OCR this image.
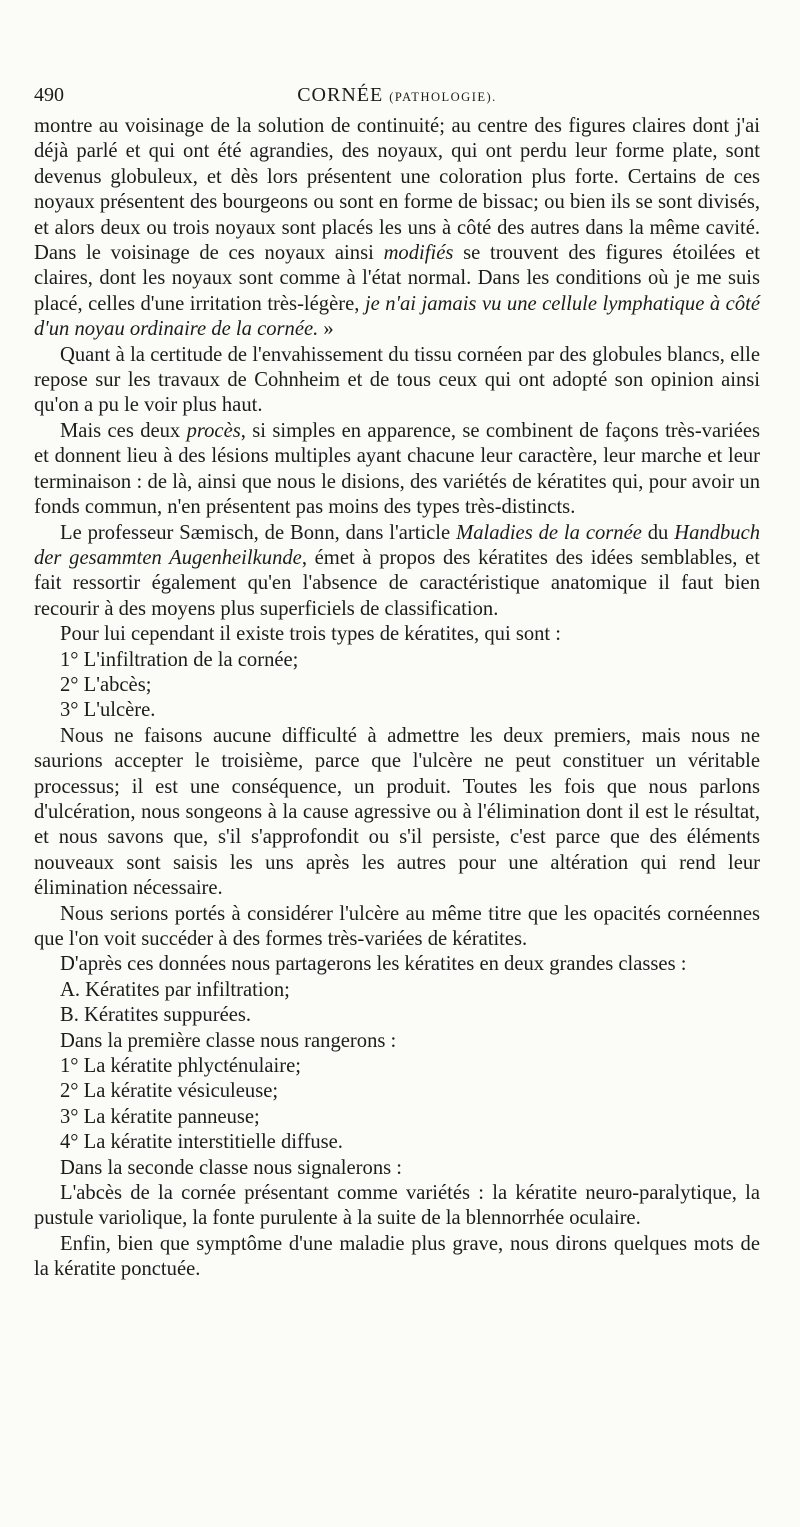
490	CORNÉE (PATHOLOGIE).

montre au voisinage de la solution de continuité; au centre des figures claires dont j'ai déjà parlé et qui ont été agrandies, des noyaux, qui ont perdu leur forme plate, sont devenus globuleux, et dès lors présentent une coloration plus forte. Certains de ces noyaux présentent des bourgeons ou sont en forme de bissac; ou bien ils se sont divisés, et alors deux ou trois noyaux sont placés les uns à côté des autres dans la même cavité. Dans le voisinage de ces noyaux ainsi modifiés se trouvent des figures étoilées et claires, dont les noyaux sont comme à l'état normal. Dans les conditions où je me suis placé, celles d'une irritation très-légère, je n'ai jamais vu une cellule lymphatique à côté d'un noyau ordinaire de la cornée. »

Quant à la certitude de l'envahissement du tissu cornéen par des globules blancs, elle repose sur les travaux de Cohnheim et de tous ceux qui ont adopté son opinion ainsi qu'on a pu le voir plus haut.

Mais ces deux procès, si simples en apparence, se combinent de façons très-variées et donnent lieu à des lésions multiples ayant chacune leur caractère, leur marche et leur terminaison : de là, ainsi que nous le disions, des variétés de kératites qui, pour avoir un fonds commun, n'en présentent pas moins des types très-distincts.

Le professeur Sæmisch, de Bonn, dans l'article Maladies de la cornée du Handbuch der gesammten Augenheilkunde, émet à propos des kératites des idées semblables, et fait ressortir également qu'en l'absence de caractéristique anatomique il faut bien recourir à des moyens plus superficiels de classification.

Pour lui cependant il existe trois types de kératites, qui sont :

1° L'infiltration de la cornée;

2° L'abcès;

3° L'ulcère.

Nous ne faisons aucune difficulté à admettre les deux premiers, mais nous ne saurions accepter le troisième, parce que l'ulcère ne peut constituer un véritable processus; il est une conséquence, un produit. Toutes les fois que nous parlons d'ulcération, nous songeons à la cause agressive ou à l'élimination dont il est le résultat, et nous savons que, s'il s'approfondit ou s'il persiste, c'est parce que des éléments nouveaux sont saisis les uns après les autres pour une altération qui rend leur élimination nécessaire.

Nous serions portés à considérer l'ulcère au même titre que les opacités cornéennes que l'on voit succéder à des formes très-variées de kératites.

D'après ces données nous partagerons les kératites en deux grandes classes :

A. Kératites par infiltration;

B. Kératites suppurées.

Dans la première classe nous rangerons :

1° La kératite phlycténulaire;

2° La kératite vésiculeuse;

3° La kératite panneuse;

4° La kératite interstitielle diffuse.

Dans la seconde classe nous signalerons :

L'abcès de la cornée présentant comme variétés : la kératite neuro-paralytique, la pustule variolique, la fonte purulente à la suite de la blennorrhée oculaire.

Enfin, bien que symptôme d'une maladie plus grave, nous dirons quelques mots de la kératite ponctuée.
